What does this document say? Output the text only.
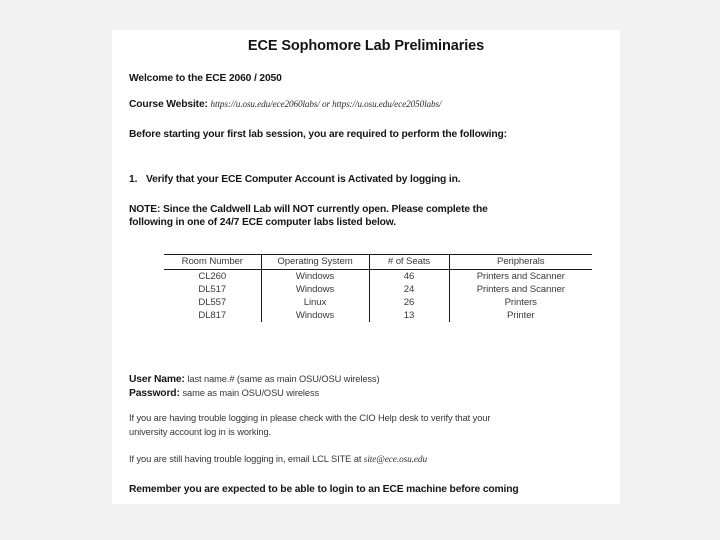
ECE Sophomore Lab Preliminaries
Welcome to the ECE 2060 / 2050
Course Website: https://u.osu.edu/ece2060labs/ or https://u.osu.edu/ece2050labs/
Before starting your first lab session, you are required to perform the following:
1. Verify that your ECE Computer Account is Activated by logging in.
NOTE: Since the Caldwell Lab will NOT currently open. Please complete the
following in one of 24/7 ECE computer labs listed below.
Room Number	Operating System	# of Seats	Peripherals
CL260	Windows	46	Printers and Scanner
DL517	Windows	24	Printers and Scanner
DL557	Linux	26	Printers
DL817	Windows	13	Printer
User Name: last name.# (same as main OSU/OSU wireless)
Password: same as main OSU/OSU wireless
If you are having trouble logging in please check with the CIO Help desk to verify that your
university account log in is working.
If you are still having trouble logging in, email LCL SITE at site@ece.osu.edu
Remember you are expected to be able to login to an ECE machine before coming
